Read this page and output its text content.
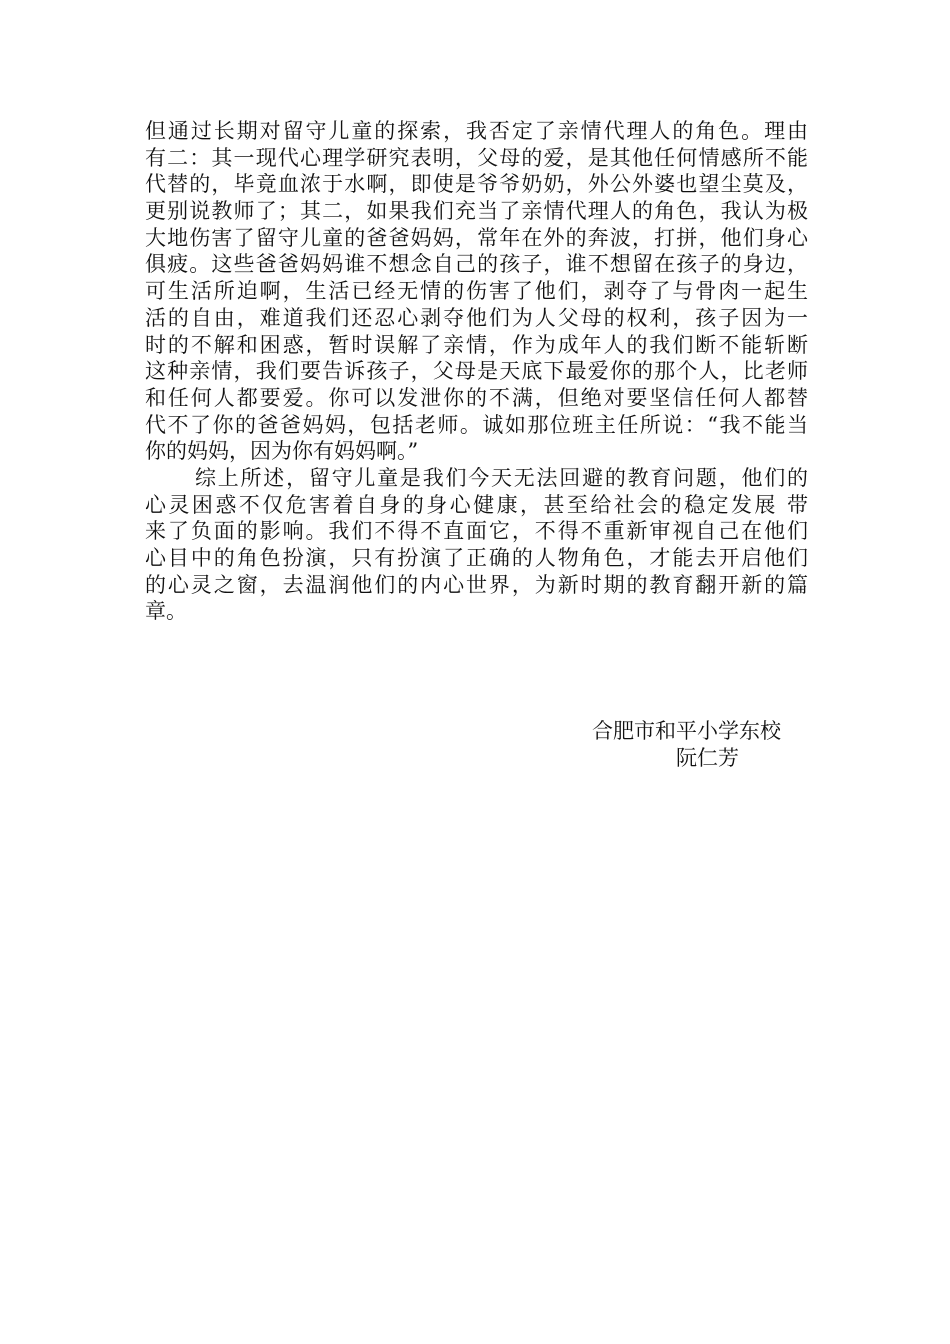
但通过长期对留守儿童的探索，我否定了亲情代理人的角色。理由
有二：其一现代心理学研究表明，父母的爱，是其他任何情感所不能
代替的，毕竟血浓于水啊，即使是爷爷奶奶，外公外婆也望尘莫及，
更别说教师了；其二，如果我们充当了亲情代理人的角色，我认为极
大地伤害了留守儿童的爸爸妈妈，常年在外的奔波，打拼，他们身心
俱疲。这些爸爸妈妈谁不想念自己的孩子，谁不想留在孩子的身边，
可生活所迫啊，生活已经无情的伤害了他们，剥夺了与骨肉一起生
活的自由，难道我们还忍心剥夺他们为人父母的权利，孩子因为一
时的不解和困惑，暂时误解了亲情，作为成年人的我们断不能斩断
这种亲情，我们要告诉孩子，父母是天底下最爱你的那个人，比老师
和任何人都要爱。你可以发泄你的不满，但绝对要坚信任何人都替
代不了你的爸爸妈妈，包括老师。诚如那位班主任所说：“我不能当
你的妈妈，因为你有妈妈啊。”
综上所述，留守儿童是我们今天无法回避的教育问题，他们的
心灵困惑不仅危害着自身的身心健康，甚至给社会的稳定发展 带
来了负面的影响。我们不得不直面它，不得不重新审视自己在他们
心目中的角色扮演，只有扮演了正确的人物角色，才能去开启他们
的心灵之窗，去温润他们的内心世界，为新时期的教育翻开新的篇
章。
合肥市和平小学东校
阮仁芳
